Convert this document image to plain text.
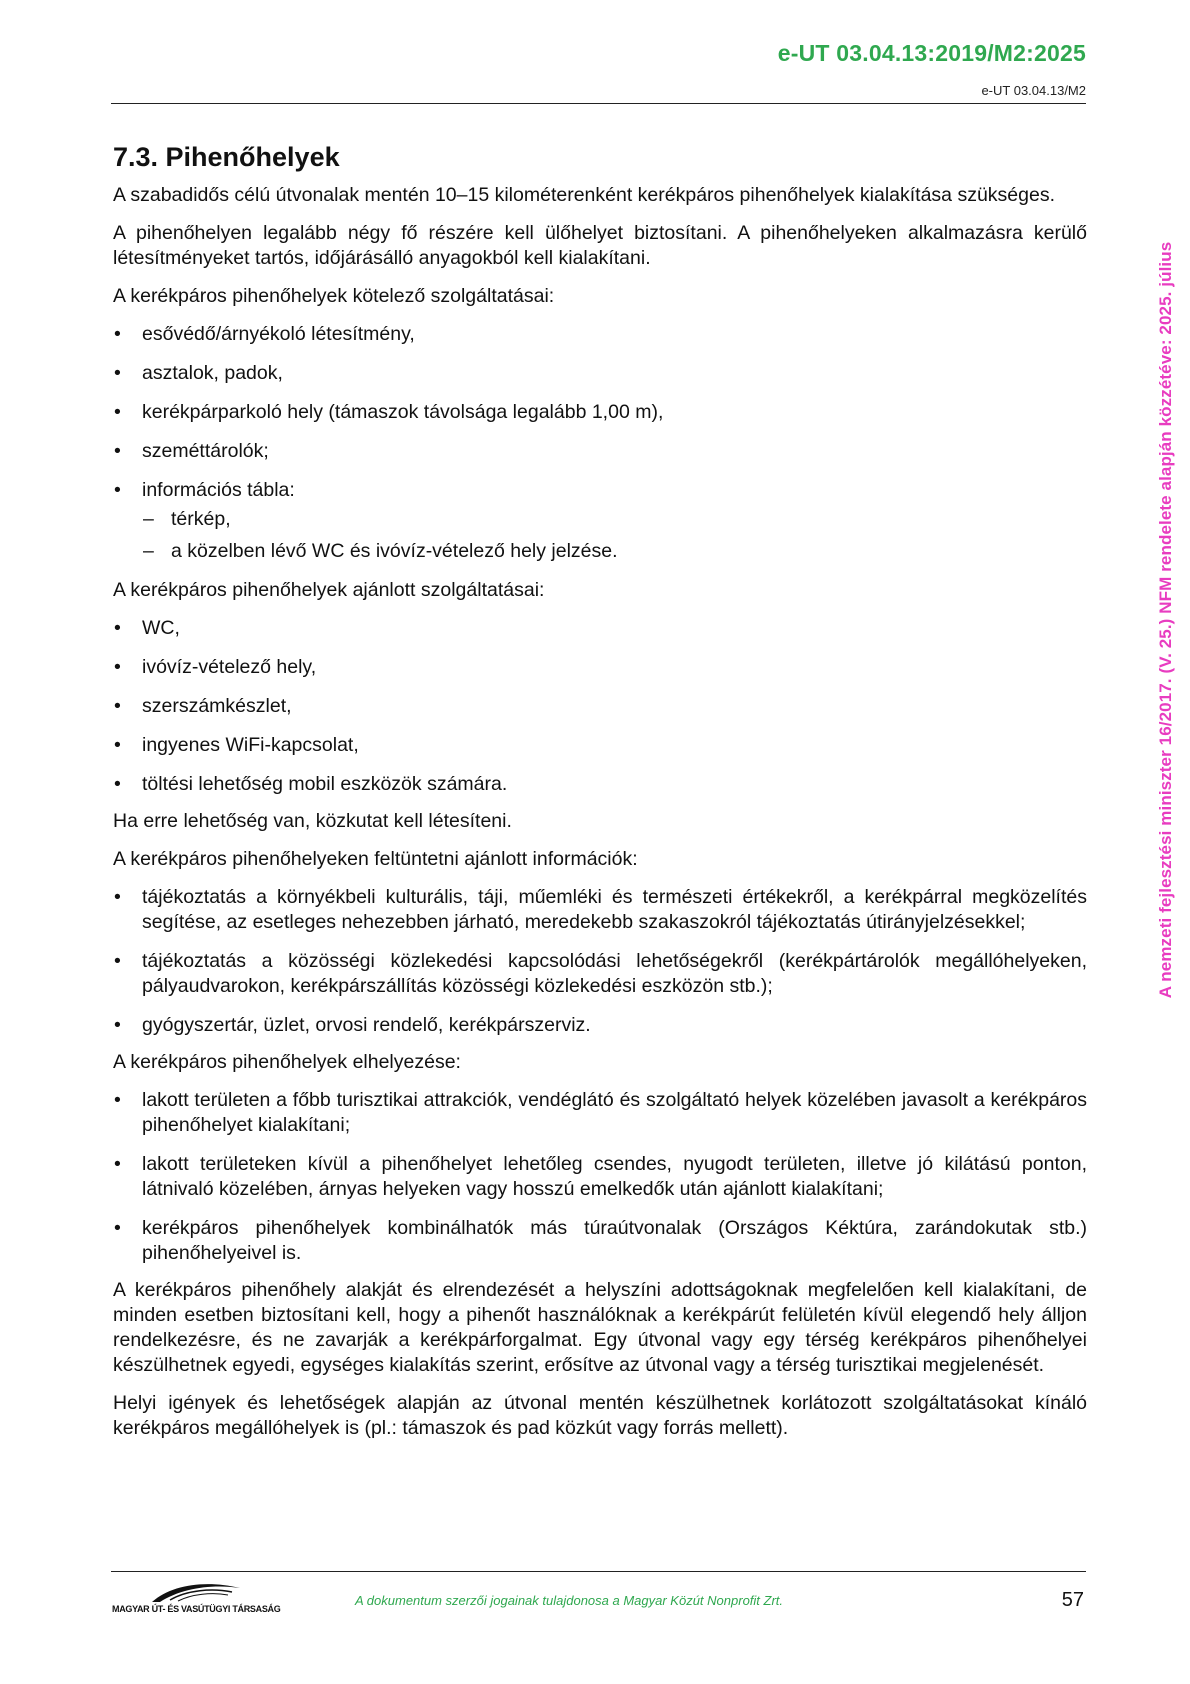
e-UT 03.04.13:2019/M2:2025
e-UT 03.04.13/M2
A nemzeti fejlesztési miniszter 16/2017. (V. 25.) NFM rendelete alapján közzétéve: 2025. július
7.3. Pihenőhelyek

A szabadidős célú útvonalak mentén 10–15 kilométerenként kerékpáros pihenőhelyek kialakítása szükséges.

A pihenőhelyen legalább négy fő részére kell ülőhelyet biztosítani. A pihenőhelyeken alkalmazásra kerülő létesítményeket tartós, időjárásálló anyagokból kell kialakítani.

A kerékpáros pihenőhelyek kötelező szolgáltatásai:

• esővédő/árnyékoló létesítmény,
• asztalok, padok,
• kerékpárparkoló hely (támaszok távolsága legalább 1,00 m),
• szeméttárolók;
• információs tábla:
– térkép,
– a közelben lévő WC és ivóvíz-vételező hely jelzése.

A kerékpáros pihenőhelyek ajánlott szolgáltatásai:

• WC,
• ivóvíz-vételező hely,
• szerszámkészlet,
• ingyenes WiFi-kapcsolat,
• töltési lehetőség mobil eszközök számára.

Ha erre lehetőség van, közkutat kell létesíteni.

A kerékpáros pihenőhelyeken feltüntetni ajánlott információk:

• tájékoztatás a környékbeli kulturális, táji, műemléki és természeti értékekről, a kerékpárral megközelítés segítése, az esetleges nehezebben járható, meredekebb szakaszokról tájékoztatás útirányjelzésekkel;
• tájékoztatás a közösségi közlekedési kapcsolódási lehetőségekről (kerékpártárolók megállóhelyeken, pályaudvarokon, kerékpárszállítás közösségi közlekedési eszközön stb.);
• gyógyszertár, üzlet, orvosi rendelő, kerékpárszerviz.

A kerékpáros pihenőhelyek elhelyezése:

• lakott területen a főbb turisztikai attrakciók, vendéglátó és szolgáltató helyek közelében javasolt a kerékpáros pihenőhelyet kialakítani;
• lakott területeken kívül a pihenőhelyet lehetőleg csendes, nyugodt területen, illetve jó kilátású ponton, látnivaló közelében, árnyas helyeken vagy hosszú emelkedők után ajánlott kialakítani;
• kerékpáros pihenőhelyek kombinálhatók más túraútvonalak (Országos Kéktúra, zarándokutak stb.) pihenőhelyeivel is.

A kerékpáros pihenőhely alakját és elrendezését a helyszíni adottságoknak megfelelően kell kialakítani, de minden esetben biztosítani kell, hogy a pihenőt használóknak a kerékpárút felületén kívül elegendő hely álljon rendelkezésre, és ne zavarják a kerékpárforgalmat. Egy útvonal vagy egy térség kerékpáros pihenőhelyei készülhetnek egyedi, egységes kialakítás szerint, erősítve az útvonal vagy a térség turisztikai megjelenését.

Helyi igények és lehetőségek alapján az útvonal mentén készülhetnek korlátozott szolgáltatásokat kínáló kerékpáros megállóhelyek is (pl.: támaszok és pad közkút vagy forrás mellett).

MAGYAR ÚT- ÉS VASÚTÜGYI TÁRSASÁG
A dokumentum szerzői jogainak tulajdonosa a Magyar Közút Nonprofit Zrt.	57
